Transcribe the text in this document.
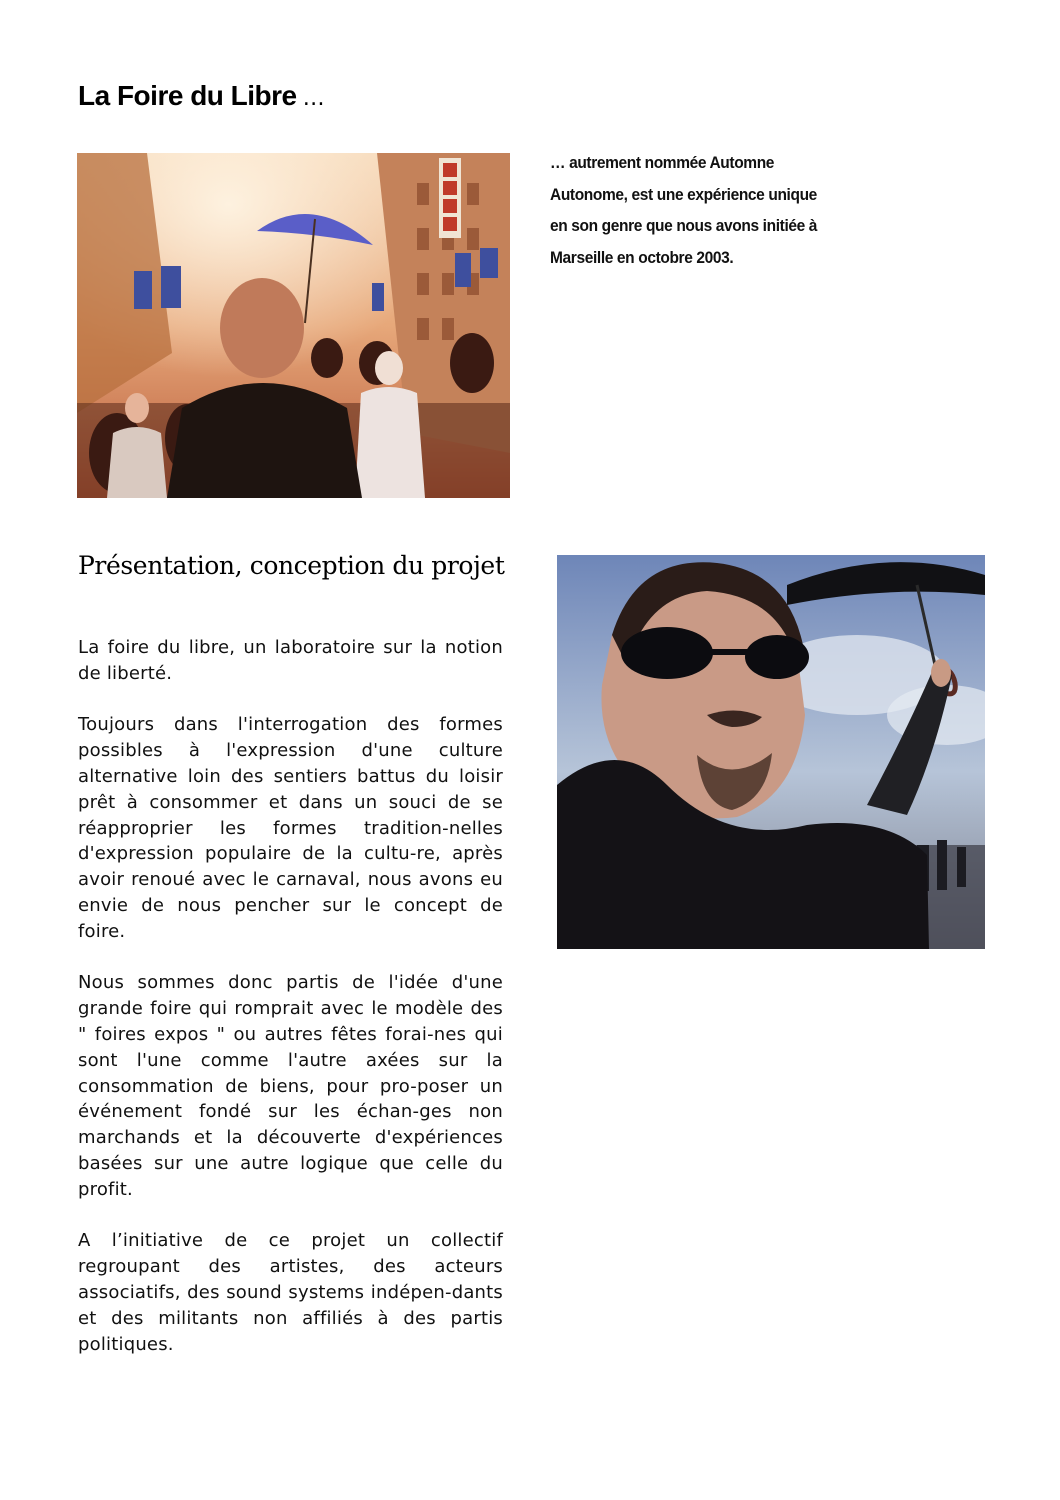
La Foire du Libre …

… autrement nommée Automne Autonome, est une expérience unique en son genre que nous avons initiée à Marseille en octobre 2003.

Présentation, conception du projet

La foire du libre, un laboratoire sur la notion de liberté.

Toujours dans l'interrogation des formes possibles à l'expression d'une culture alternative loin des sentiers battus du loisir prêt à consommer et dans un souci de se réapproprier les formes tradition-nelles d'expression populaire de la cultu-re, après avoir renoué avec le carnaval, nous avons eu envie de nous pencher sur le concept de foire.

Nous sommes donc partis de l'idée d'une grande foire qui romprait avec le modèle des " foires expos " ou autres fêtes forai-nes qui sont l'une comme l'autre axées sur la consommation de biens, pour pro-poser un événement fondé sur les échan-ges non marchands et la découverte d'expériences basées sur une autre logique que celle du profit.

A l’initiative de ce projet un collectif regroupant des artistes, des acteurs associatifs, des sound systems indépen-dants et des militants non affiliés à des partis politiques.
